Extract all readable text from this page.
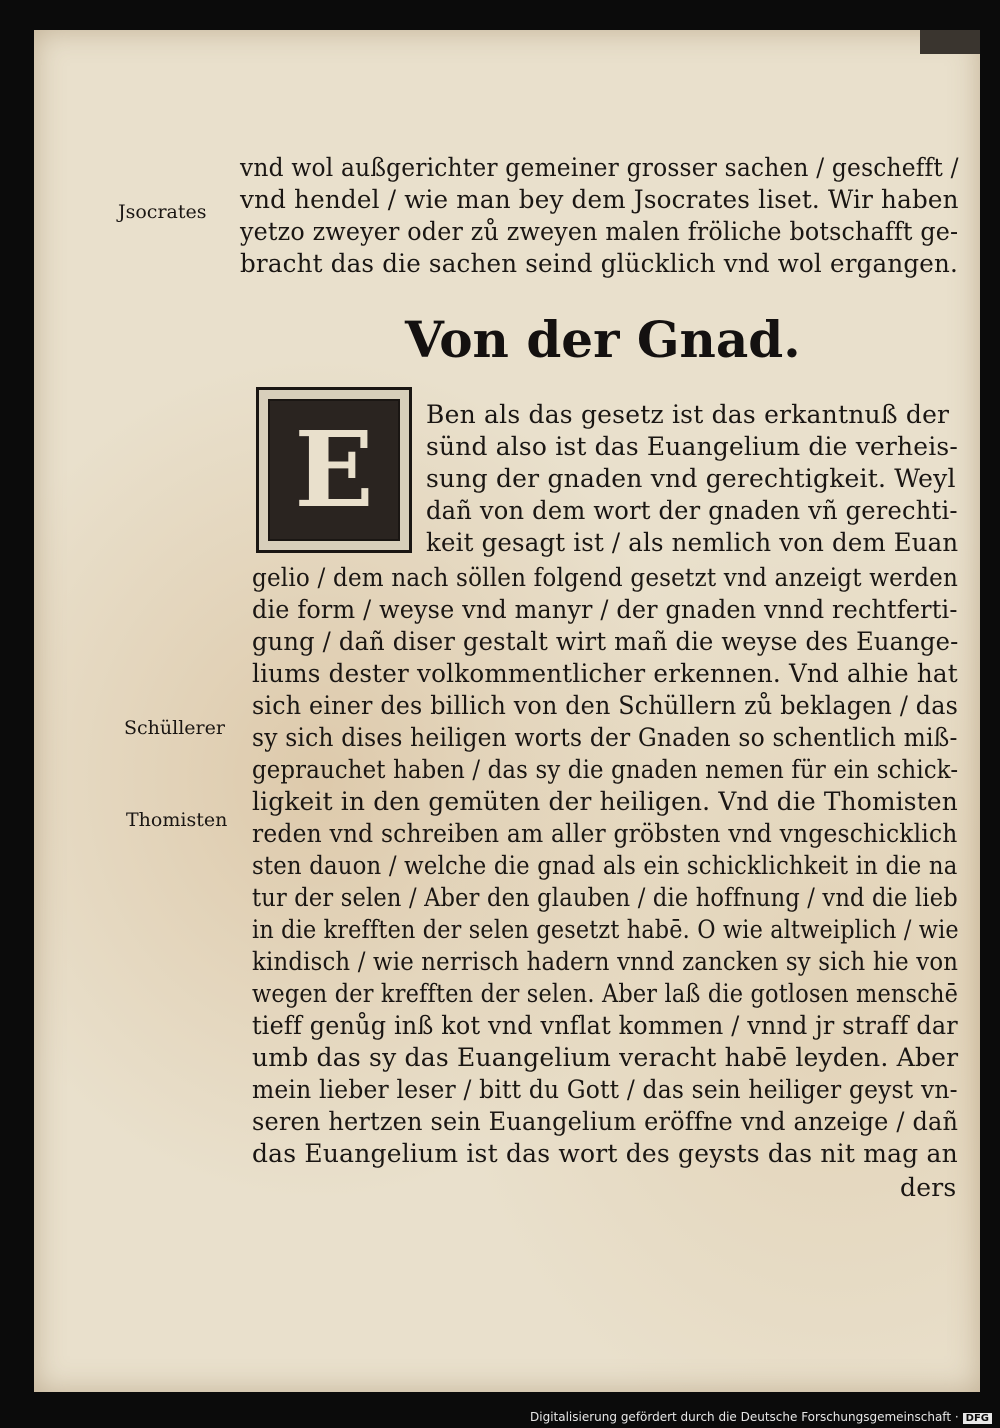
Jsocrates
Schüllerer
Thomisten
vnd wol außgerichter gemeiner grosser sachen / geschefft /
vnd hendel / wie man bey dem Jsocrates liset. Wir haben
yetzo zweyer oder zů zweyen malen fröliche botschafft ge-
bracht das die sachen seind glücklich vnd wol ergangen.
Von der Gnad.
E Ben als das gesetz ist das erkantnuß der
sünd also ist das Euangelium die verheis-
sung der gnaden vnd gerechtigkeit. Weyl
dañ von dem wort der gnaden vñ gerechti-
keit gesagt ist / als nemlich von dem Euan
gelio / dem nach söllen folgend gesetzt vnd anzeigt werden
die form / weyse vnd manyr / der gnaden vnnd rechtferti-
gung / dañ diser gestalt wirt mañ die weyse des Euange-
liums dester volkommentlicher erkennen. Vnd alhie hat
sich einer des billich von den Schüllern zů beklagen / das
sy sich dises heiligen worts der Gnaden so schentlich miß-
geprauchet haben / das sy die gnaden nemen für ein schick-
ligkeit in den gemüten der heiligen. Vnd die Thomisten
reden vnd schreiben am aller gröbsten vnd vngeschicklich
sten dauon / welche die gnad als ein schicklichkeit in die na
tur der selen / Aber den glauben / die hoffnung / vnd die lieb
in die krefften der selen gesetzt habē. O wie altweiplich / wie
kindisch / wie nerrisch hadern vnnd zancken sy sich hie von
wegen der krefften der selen. Aber laß die gotlosen menschē
tieff genůg inß kot vnd vnflat kommen / vnnd jr straff dar
umb das sy das Euangelium veracht habē leyden. Aber
mein lieber leser / bitt du Gott / das sein heiliger geyst vn-
seren hertzen sein Euangelium eröffne vnd anzeige / dañ
das Euangelium ist das wort des geysts das nit mag an
ders
Digitalisierung gefördert durch die Deutsche Forschungsgemeinschaft · DFG
